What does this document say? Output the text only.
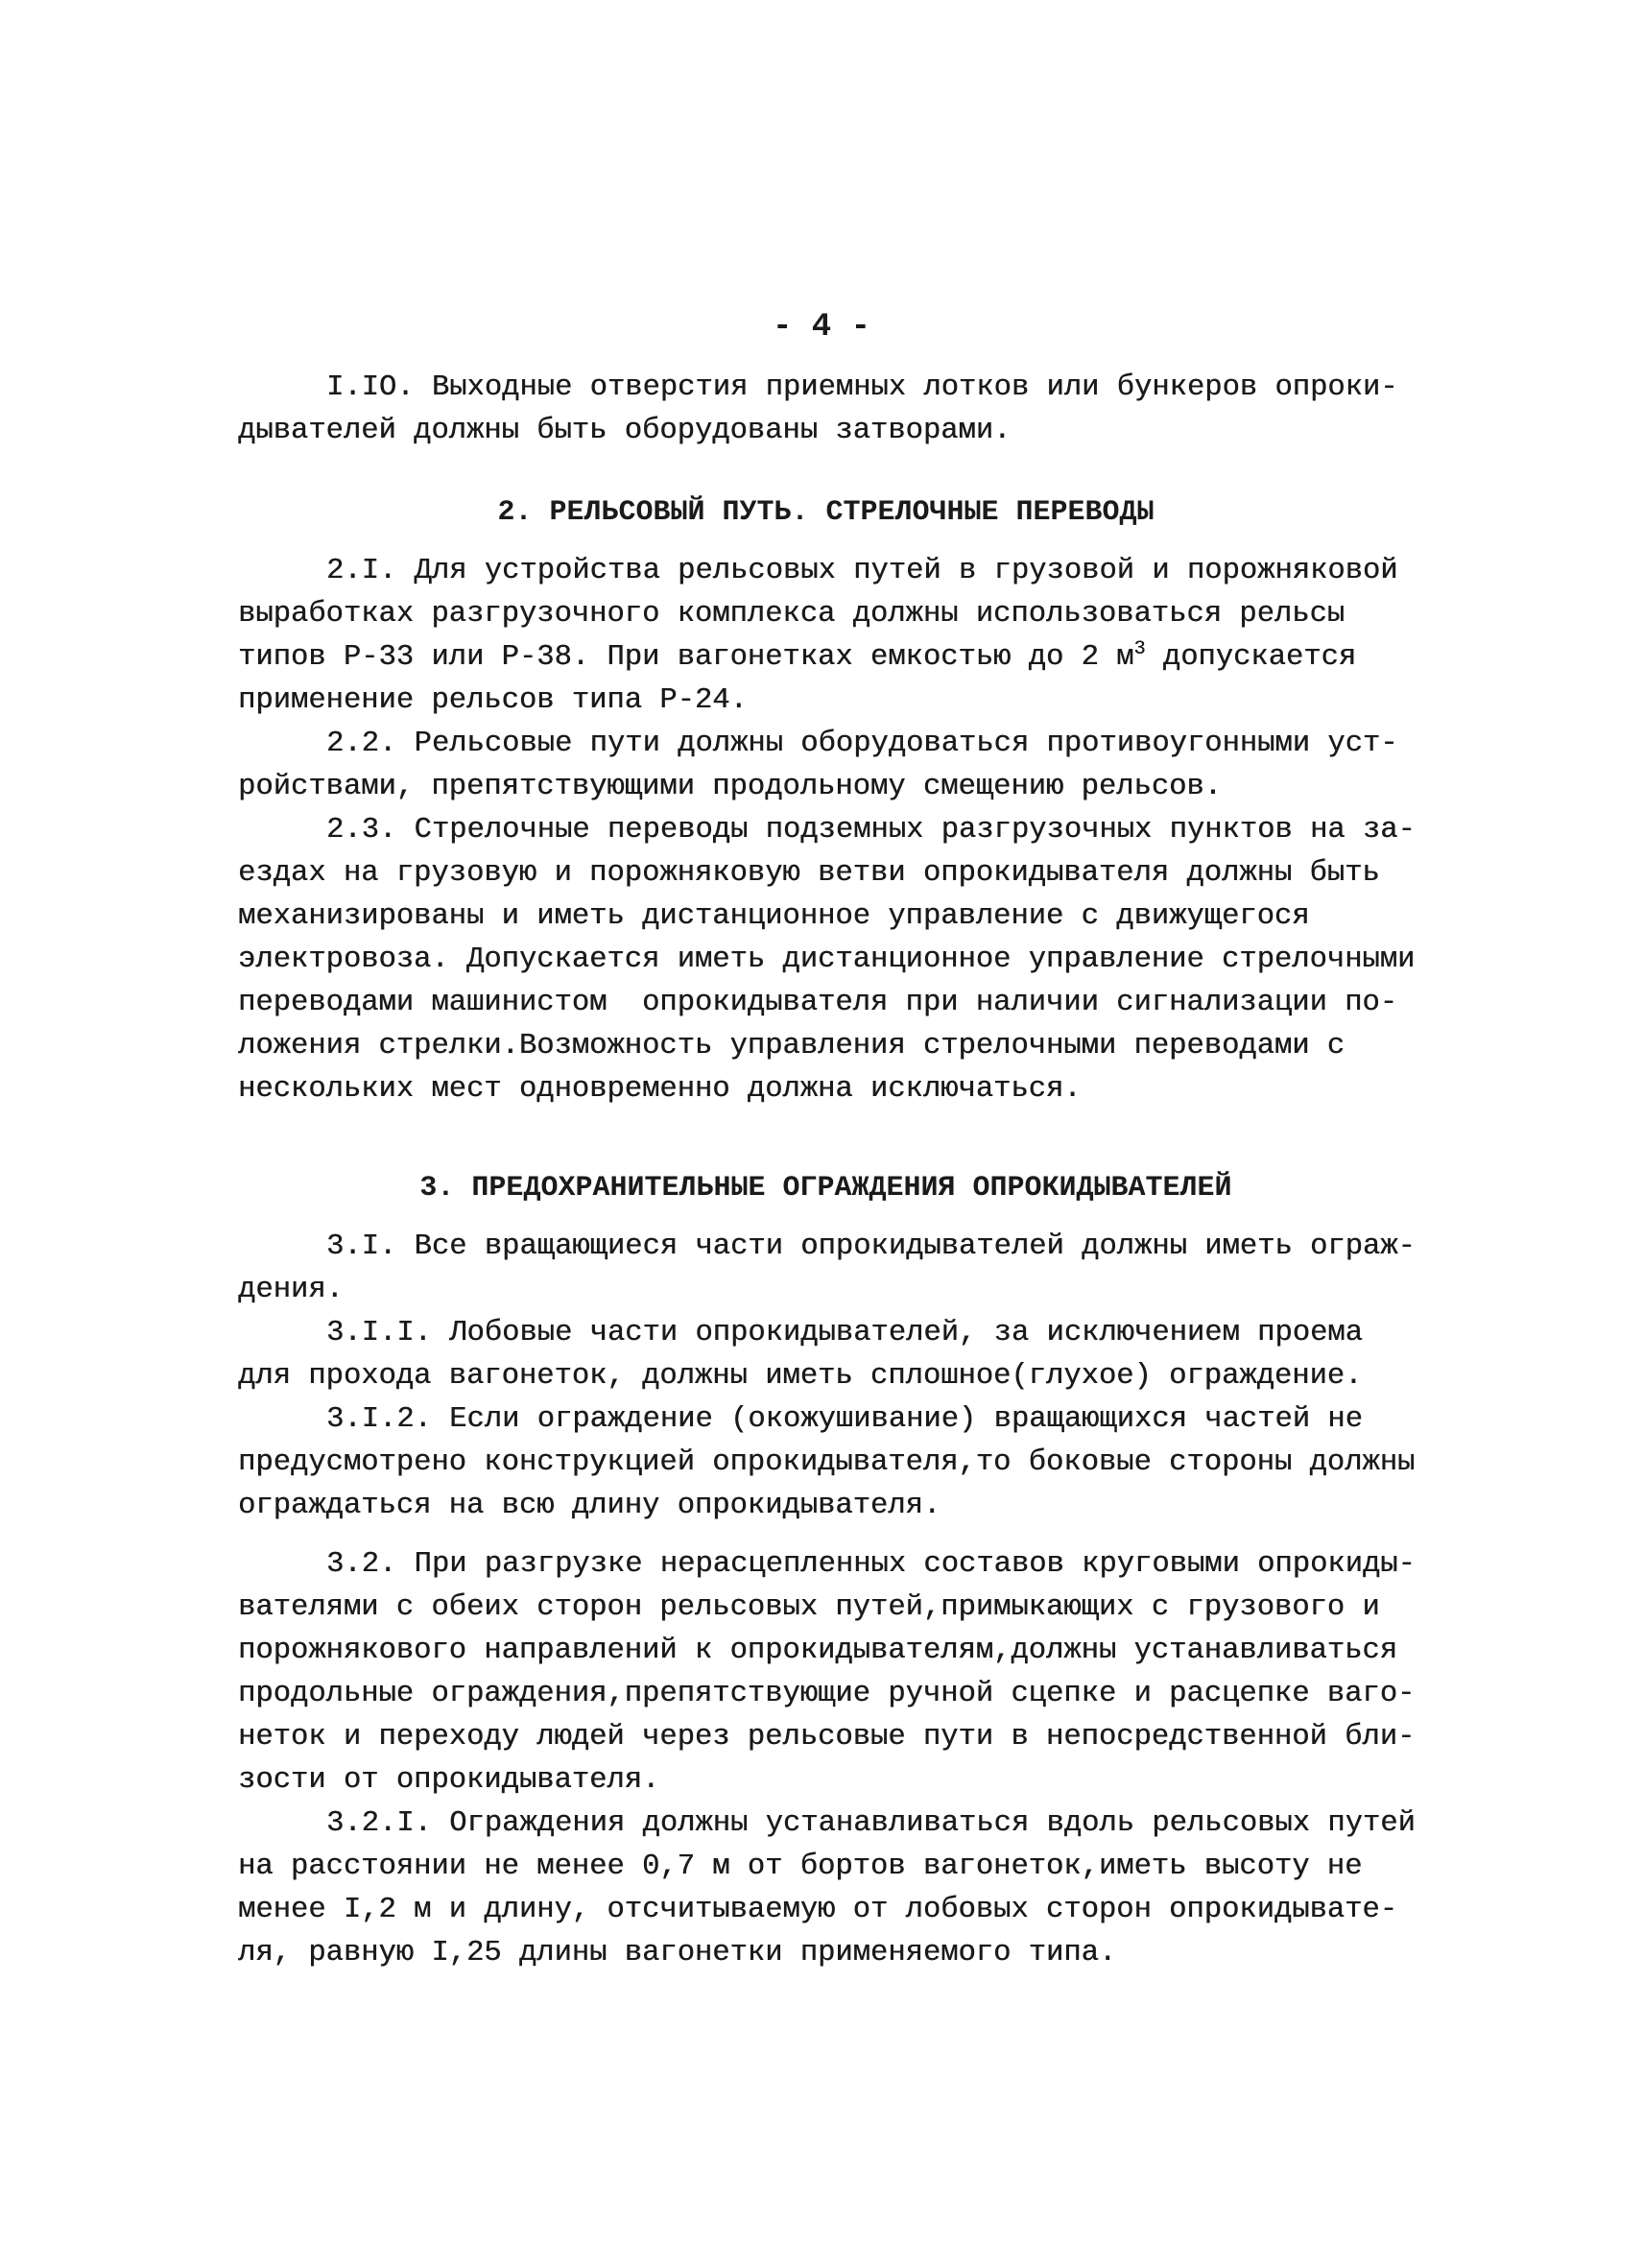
- 4 -
I.IO. Выходные отверстия приемных лотков или бункеров опроки-
дывателей должны быть оборудованы затворами.
2. РЕЛЬСОВЫЙ ПУТЬ. СТРЕЛОЧНЫЕ ПЕРЕВОДЫ
2.I. Для устройства рельсовых путей в грузовой и порожняковой
выработках разгрузочного комплекса должны использоваться рельсы
типов Р-33 или Р-38. При вагонетках емкостью до 2 $м^3$ допускается
применение рельсов типа Р-24.
2.2. Рельсовые пути должны оборудоваться противоугонными уст-
ройствами, препятствующими продольному смещению рельсов.
2.3. Стрелочные переводы подземных разгрузочных пунктов на за-
ездах на грузовую и порожняковую ветви опрокидывателя должны быть
механизированы и иметь дистанционное управление с движущегося
электровоза. Допускается иметь дистанционное управление стрелочными
переводами машинистом  опрокидывателя при наличии сигнализации по-
ложения стрелки.Возможность управления стрелочными переводами с
нескольких мест одновременно должна исключаться.
3. ПРЕДОХРАНИТЕЛЬНЫЕ ОГРАЖДЕНИЯ ОПРОКИДЫВАТЕЛЕЙ
3.I. Все вращающиеся части опрокидывателей должны иметь ограж-
дения.
3.I.I. Лобовые части опрокидывателей, за исключением проема
для прохода вагонеток, должны иметь сплошное(глухое) ограждение.
3.I.2. Если ограждение (окожушивание) вращающихся частей не
предусмотрено конструкцией опрокидывателя,то боковые стороны должны
ограждаться на всю длину опрокидывателя.
3.2. При разгрузке нерасцепленных составов круговыми опрокиды-
вателями с обеих сторон рельсовых путей,примыкающих с грузового и
порожнякового направлений к опрокидывателям,должны устанавливаться
продольные ограждения,препятствующие ручной сцепке и расцепке ваго-
неток и переходу людей через рельсовые пути в непосредственной бли-
зости от опрокидывателя.
3.2.I. Ограждения должны устанавливаться вдоль рельсовых путей
на расстоянии не менее 0,7 м от бортов вагонеток,иметь высоту не
менее I,2 м и длину, отсчитываемую от лобовых сторон опрокидывате-
ля, равную I,25 длины вагонетки применяемого типа.
